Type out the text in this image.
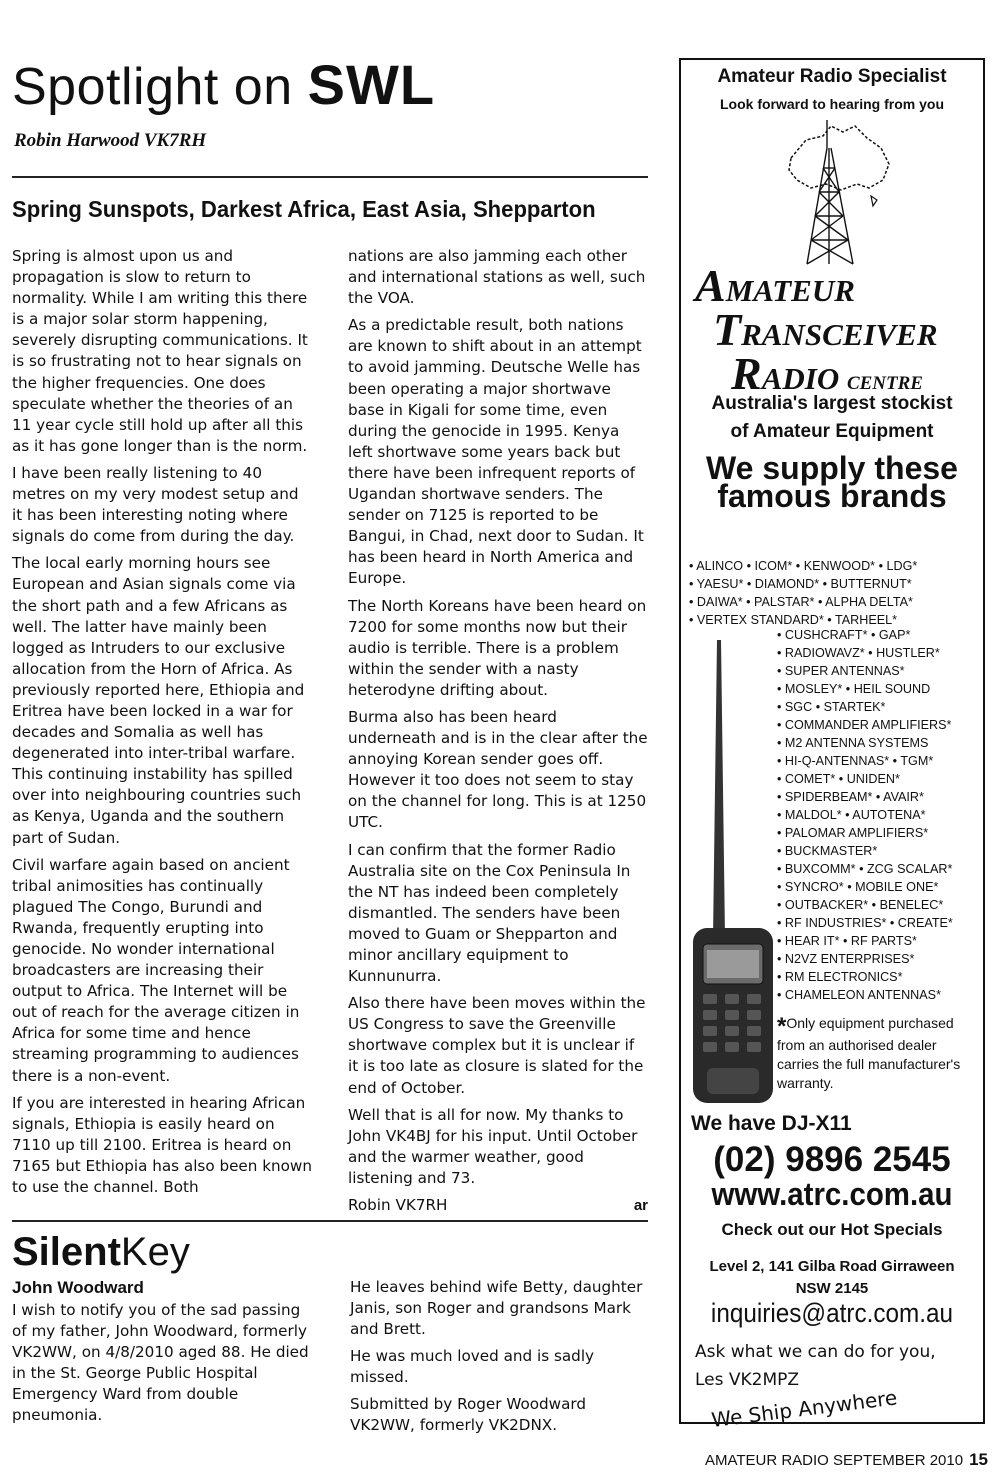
Spotlight on SWL
Robin Harwood VK7RH
Spring Sunspots, Darkest Africa, East Asia, Shepparton

Spring is almost upon us and propagation is slow to return to normality. While I am writing this there is a major solar storm happening, severely disrupting communications. It is so frustrating not to hear signals on the higher frequencies. One does speculate whether the theories of an 11 year cycle still hold up after all this as it has gone longer than is the norm.

I have been really listening to 40 metres on my very modest setup and it has been interesting noting where signals do come from during the day.

The local early morning hours see European and Asian signals come via the short path and a few Africans as well. The latter have mainly been logged as Intruders to our exclusive allocation from the Horn of Africa. As previously reported here, Ethiopia and Eritrea have been locked in a war for decades and Somalia as well has degenerated into inter-tribal warfare. This continuing instability has spilled over into neighbouring countries such as Kenya, Uganda and the southern part of Sudan.

Civil warfare again based on ancient tribal animosities has continually plagued The Congo, Burundi and Rwanda, frequently erupting into genocide. No wonder international broadcasters are increasing their output to Africa. The Internet will be out of reach for the average citizen in Africa for some time and hence streaming programming to audiences there is a non-event.

If you are interested in hearing African signals, Ethiopia is easily heard on 7110 up till 2100. Eritrea is heard on 7165 but Ethiopia has also been known to use the channel. Both

nations are also jamming each other and international stations as well, such the VOA.

As a predictable result, both nations are known to shift about in an attempt to avoid jamming. Deutsche Welle has been operating a major shortwave base in Kigali for some time, even during the genocide in 1995. Kenya left shortwave some years back but there have been infrequent reports of Ugandan shortwave senders. The sender on 7125 is reported to be Bangui, in Chad, next door to Sudan. It has been heard in North America and Europe.

The North Koreans have been heard on 7200 for some months now but their audio is terrible. There is a problem within the sender with a nasty heterodyne drifting about.

Burma also has been heard underneath and is in the clear after the annoying Korean sender goes off. However it too does not seem to stay on the channel for long. This is at 1250 UTC.

I can confirm that the former Radio Australia site on the Cox Peninsula In the NT has indeed been completely dismantled. The senders have been moved to Guam or Shepparton and minor ancillary equipment to Kunnunurra.

Also there have been moves within the US Congress to save the Greenville shortwave complex but it is unclear if it is too late as closure is slated for the end of October.

Well that is all for now. My thanks to John VK4BJ for his input. Until October and the warmer weather, good listening and 73.

Robin VK7RH	ar
SilentKey
John Woodward

I wish to notify you of the sad passing of my father, John Woodward, formerly VK2WW, on 4/8/2010 aged 88. He died in the St. George Public Hospital Emergency Ward from double pneumonia.

He leaves behind wife Betty, daughter Janis, son Roger and grandsons Mark and Brett.

He was much loved and is sadly missed.

Submitted by Roger Woodward VK2WW, formerly VK2DNX.

AMATEUR RADIO SEPTEMBER 2010 15
Amateur Radio Specialist
Look forward to hearing from you
AMATEUR
TRANSCEIVER
RADIO CENTRE
Australia's largest stockist
of Amateur Equipment
We supply these
famous brands
• ALINCO • ICOM* • KENWOOD* • LDG*
• YAESU* • DIAMOND* • BUTTERNUT*
• DAIWA* • PALSTAR* • ALPHA DELTA*
• VERTEX STANDARD* • TARHEEL*
• CUSHCRAFT* • GAP*
• RADIOWAVZ* • HUSTLER*
• SUPER ANTENNAS*
• MOSLEY* • HEIL SOUND
• SGC • STARTEK*
• COMMANDER AMPLIFIERS*
• M2 ANTENNA SYSTEMS
• HI-Q-ANTENNAS* • TGM*
• COMET* • UNIDEN*
• SPIDERBEAM* • AVAIR*
• MALDOL* • AUTOTENA*
• PALOMAR AMPLIFIERS*
• BUCKMASTER*
• BUXCOMM* • ZCG SCALAR*
• SYNCRO* • MOBILE ONE*
• OUTBACKER* • BENELEC*
• RF INDUSTRIES* • CREATE*
• HEAR IT* • RF PARTS*
• N2VZ ENTERPRISES*
• RM ELECTRONICS*
• CHAMELEON ANTENNAS*
*Only equipment purchased from an authorised dealer carries the full manufacturer's warranty.
We have DJ-X11
(02) 9896 2545
www.atrc.com.au
Check out our Hot Specials
Level 2, 141 Gilba Road Girraween
NSW 2145
inquiries@atrc.com.au
Ask what we can do for you,
Les VK2MPZ
We Ship Anywhere
